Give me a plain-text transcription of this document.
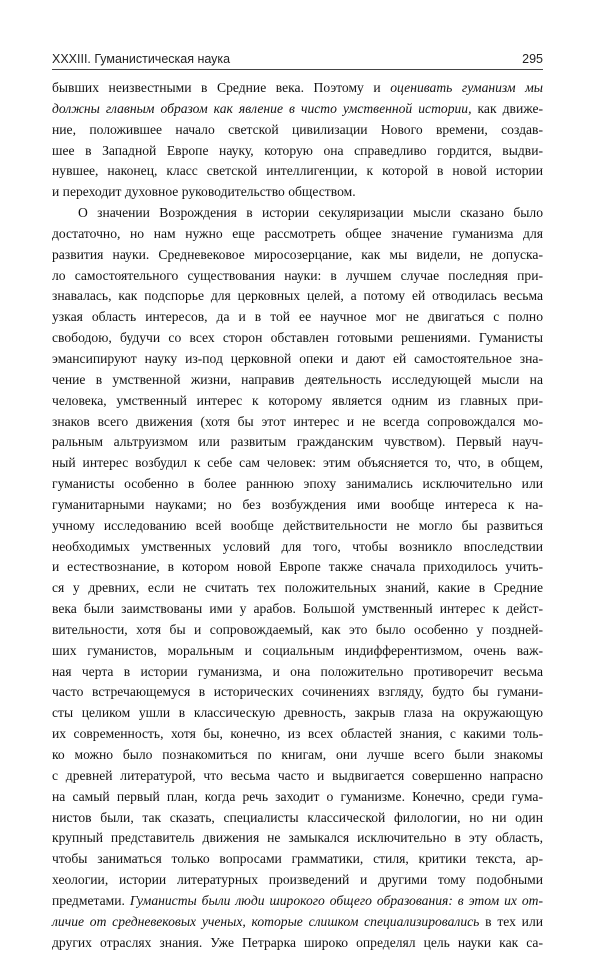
XXXIII. Гуманистическая наука	295
бывших неизвестными в Средние века. Поэтому и оценивать гуманизм мы
должны главным образом как явление в чисто умственной истории, как движе-
ние, положившее начало светской цивилизации Нового времени, создав-
шее в Западной Европе науку, которую она справедливо гордится, выдви-
нувшее, наконец, класс светской интеллигенции, к которой в новой истории
и переходит духовное руководительство обществом.
О значении Возрождения в истории секуляризации мысли сказано было
достаточно, но нам нужно еще рассмотреть общее значение гуманизма для
развития науки. Средневековое миросозерцание, как мы видели, не допуска-
ло самостоятельного существования науки: в лучшем случае последняя при-
знавалась, как подспорье для церковных целей, а потому ей отводилась весьма
узкая область интересов, да и в той ее научное мог не двигаться с полно
свободою, будучи со всех сторон обставлен готовыми решениями. Гуманисты
эмансипируют науку из-под церковной опеки и дают ей самостоятельное зна-
чение в умственной жизни, направив деятельность исследующей мысли на
человека, умственный интерес к которому является одним из главных при-
знаков всего движения (хотя бы этот интерес и не всегда сопровождался мо-
ральным альтруизмом или развитым гражданским чувством). Первый науч-
ный интерес возбудил к себе сам человек: этим объясняется то, что, в общем,
гуманисты особенно в более раннюю эпоху занимались исключительно или
гуманитарными науками; но без возбуждения ими вообще интереса к на-
учному исследованию всей вообще действительности не могло бы развиться
необходимых умственных условий для того, чтобы возникло впоследствии
и естествознание, в котором новой Европе также сначала приходилось учить-
ся у древних, если не считать тех положительных знаний, какие в Средние
века были заимствованы ими у арабов. Большой умственный интерес к дейст-
вительности, хотя бы и сопровождаемый, как это было особенно у поздней-
ших гуманистов, моральным и социальным индифферентизмом, очень важ-
ная черта в истории гуманизма, и она положительно противоречит весьма
часто встречающемуся в исторических сочинениях взгляду, будто бы гумани-
сты целиком ушли в классическую древность, закрыв глаза на окружающую
их современность, хотя бы, конечно, из всех областей знания, с какими толь-
ко можно было познакомиться по книгам, они лучше всего были знакомы
с древней литературой, что весьма часто и выдвигается совершенно напрасно
на самый первый план, когда речь заходит о гуманизме. Конечно, среди гума-
нистов были, так сказать, специалисты классической филологии, но ни один
крупный представитель движения не замыкался исключительно в эту область,
чтобы заниматься только вопросами грамматики, стиля, критики текста, ар-
хеологии, истории литературных произведений и другими тому подобными
предметами. Гуманисты были люди широкого общего образования: в этом их от-
личие от средневековых ученых, которые слишком специализировались в тех или
других отраслях знания. Уже Петрарка широко определял цель науки как са-
